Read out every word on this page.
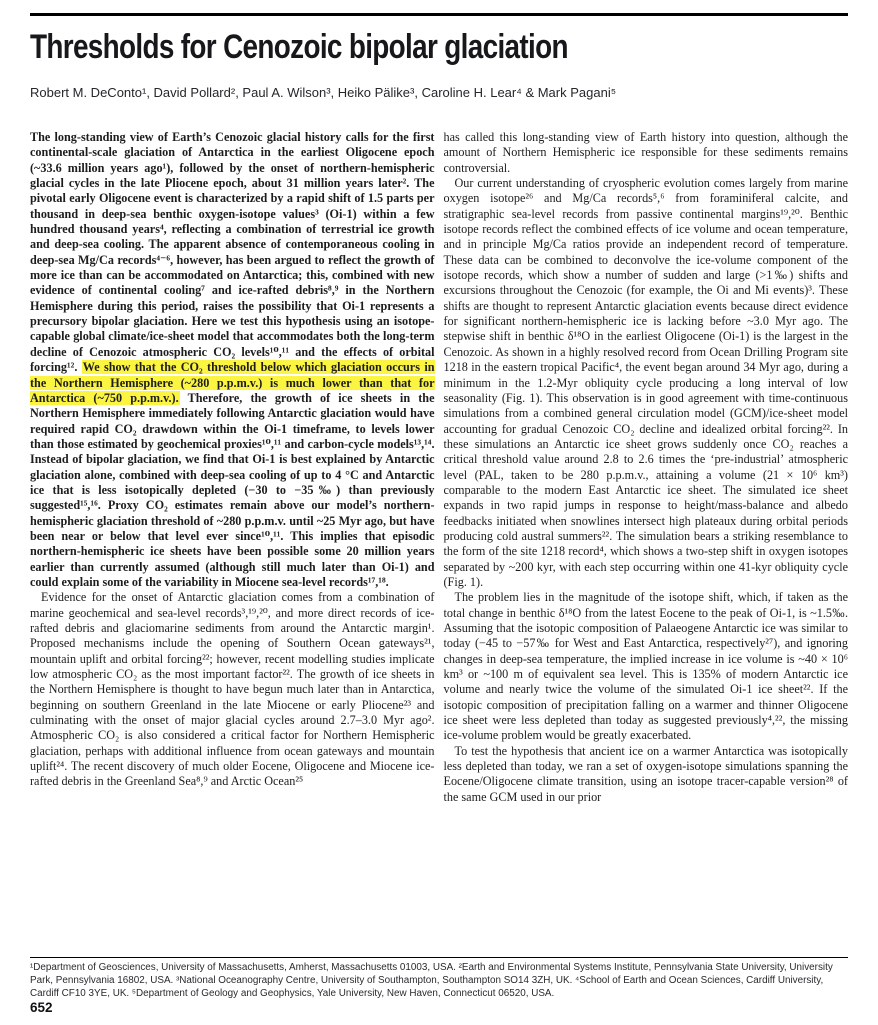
Thresholds for Cenozoic bipolar glaciation
Robert M. DeConto¹, David Pollard², Paul A. Wilson³, Heiko Pälike³, Caroline H. Lear⁴ & Mark Pagani⁵

The long-standing view of Earth’s Cenozoic glacial history calls for the first continental-scale glaciation of Antarctica in the earliest Oligocene epoch (~33.6 million years ago¹), followed by the onset of northern-hemispheric glacial cycles in the late Pliocene epoch, about 31 million years later². The pivotal early Oligocene event is characterized by a rapid shift of 1.5 parts per thousand in deep-sea benthic oxygen-isotope values³ (Oi-1) within a few hundred thousand years⁴, reflecting a combination of terrestrial ice growth and deep-sea cooling. The apparent absence of contemporaneous cooling in deep-sea Mg/Ca records⁴⁻⁶, however, has been argued to reflect the growth of more ice than can be accommodated on Antarctica; this, combined with new evidence of continental cooling⁷ and ice-rafted debris⁸,⁹ in the Northern Hemisphere during this period, raises the possibility that Oi-1 represents a precursory bipolar glaciation. Here we test this hypothesis using an isotope-capable global climate/ice-sheet model that accommodates both the long-term decline of Cenozoic atmospheric CO₂ levels¹⁰,¹¹ and the effects of orbital forcing¹². We show that the CO₂ threshold below which glaciation occurs in the Northern Hemisphere (~280 p.p.m.v.) is much lower than that for Antarctica (~750 p.p.m.v.). Therefore, the growth of ice sheets in the Northern Hemisphere immediately following Antarctic glaciation would have required rapid CO₂ drawdown within the Oi-1 timeframe, to levels lower than those estimated by geochemical proxies¹⁰,¹¹ and carbon-cycle models¹³,¹⁴. Instead of bipolar glaciation, we find that Oi-1 is best explained by Antarctic glaciation alone, combined with deep-sea cooling of up to 4 °C and Antarctic ice that is less isotopically depleted (−30 to −35‰) than previously suggested¹⁵,¹⁶. Proxy CO₂ estimates remain above our model’s northern-hemispheric glaciation threshold of ~280 p.p.m.v. until ~25 Myr ago, but have been near or below that level ever since¹⁰,¹¹. This implies that episodic northern-hemispheric ice sheets have been possible some 20 million years earlier than currently assumed (although still much later than Oi-1) and could explain some of the variability in Miocene sea-level records¹⁷,¹⁸.

Evidence for the onset of Antarctic glaciation comes from a combination of marine geochemical and sea-level records³,¹⁹,²⁰, and more direct records of ice-rafted debris and glaciomarine sediments from around the Antarctic margin¹. Proposed mechanisms include the opening of Southern Ocean gateways²¹, mountain uplift and orbital forcing²²; however, recent modelling studies implicate low atmospheric CO₂ as the most important factor²². The growth of ice sheets in the Northern Hemisphere is thought to have begun much later than in Antarctica, beginning on southern Greenland in the late Miocene or early Pliocene²³ and culminating with the onset of major glacial cycles around 2.7–3.0 Myr ago². Atmospheric CO₂ is also considered a critical factor for Northern Hemispheric glaciation, perhaps with additional influence from ocean gateways and mountain uplift²⁴. The recent discovery of much older Eocene, Oligocene and Miocene ice-rafted debris in the Greenland Sea⁸,⁹ and Arctic Ocean²⁵

has called this long-standing view of Earth history into question, although the amount of Northern Hemispheric ice responsible for these sediments remains controversial.

Our current understanding of cryospheric evolution comes largely from marine oxygen isotope²⁶ and Mg/Ca records⁵,⁶ from foraminiferal calcite, and stratigraphic sea-level records from passive continental margins¹⁹,²⁰. Benthic isotope records reflect the combined effects of ice volume and ocean temperature, and in principle Mg/Ca ratios provide an independent record of temperature. These data can be combined to deconvolve the ice-volume component of the isotope records, which show a number of sudden and large (>1‰) shifts and excursions throughout the Cenozoic (for example, the Oi and Mi events)³. These shifts are thought to represent Antarctic glaciation events because direct evidence for significant northern-hemispheric ice is lacking before ~3.0 Myr ago. The stepwise shift in benthic δ¹⁸O in the earliest Oligocene (Oi-1) is the largest in the Cenozoic. As shown in a highly resolved record from Ocean Drilling Program site 1218 in the eastern tropical Pacific⁴, the event began around 34 Myr ago, during a minimum in the 1.2-Myr obliquity cycle producing a long interval of low seasonality (Fig. 1). This observation is in good agreement with time-continuous simulations from a combined general circulation model (GCM)/ice-sheet model accounting for gradual Cenozoic CO₂ decline and idealized orbital forcing²². In these simulations an Antarctic ice sheet grows suddenly once CO₂ reaches a critical threshold value around 2.8 to 2.6 times the ‘pre-industrial’ atmospheric level (PAL, taken to be 280 p.p.m.v., attaining a volume (21 × 10⁶ km³) comparable to the modern East Antarctic ice sheet. The simulated ice sheet expands in two rapid jumps in response to height/mass-balance and albedo feedbacks initiated when snowlines intersect high plateaux during orbital periods producing cold austral summers²². The simulation bears a striking resemblance to the form of the site 1218 record⁴, which shows a two-step shift in oxygen isotopes separated by ~200 kyr, with each step occurring within one 41-kyr obliquity cycle (Fig. 1).

The problem lies in the magnitude of the isotope shift, which, if taken as the total change in benthic δ¹⁸O from the latest Eocene to the peak of Oi-1, is ~1.5‰. Assuming that the isotopic composition of Palaeogene Antarctic ice was similar to today (−45 to −57‰ for West and East Antarctica, respectively²⁷), and ignoring changes in deep-sea temperature, the implied increase in ice volume is ~40 × 10⁶ km³ or ~100 m of equivalent sea level. This is 135% of modern Antarctic ice volume and nearly twice the volume of the simulated Oi-1 ice sheet²². If the isotopic composition of precipitation falling on a warmer and thinner Oligocene ice sheet were less depleted than today as suggested previously⁴,²², the missing ice-volume problem would be greatly exacerbated.

To test the hypothesis that ancient ice on a warmer Antarctica was isotopically less depleted than today, we ran a set of oxygen-isotope simulations spanning the Eocene/Oligocene climate transition, using an isotope tracer-capable version²⁸ of the same GCM used in our prior

¹Department of Geosciences, University of Massachusetts, Amherst, Massachusetts 01003, USA. ²Earth and Environmental Systems Institute, Pennsylvania State University, University Park, Pennsylvania 16802, USA. ³National Oceanography Centre, University of Southampton, Southampton SO14 3ZH, UK. ⁴School of Earth and Ocean Sciences, Cardiff University, Cardiff CF10 3YE, UK. ⁵Department of Geology and Geophysics, Yale University, New Haven, Connecticut 06520, USA.
652
